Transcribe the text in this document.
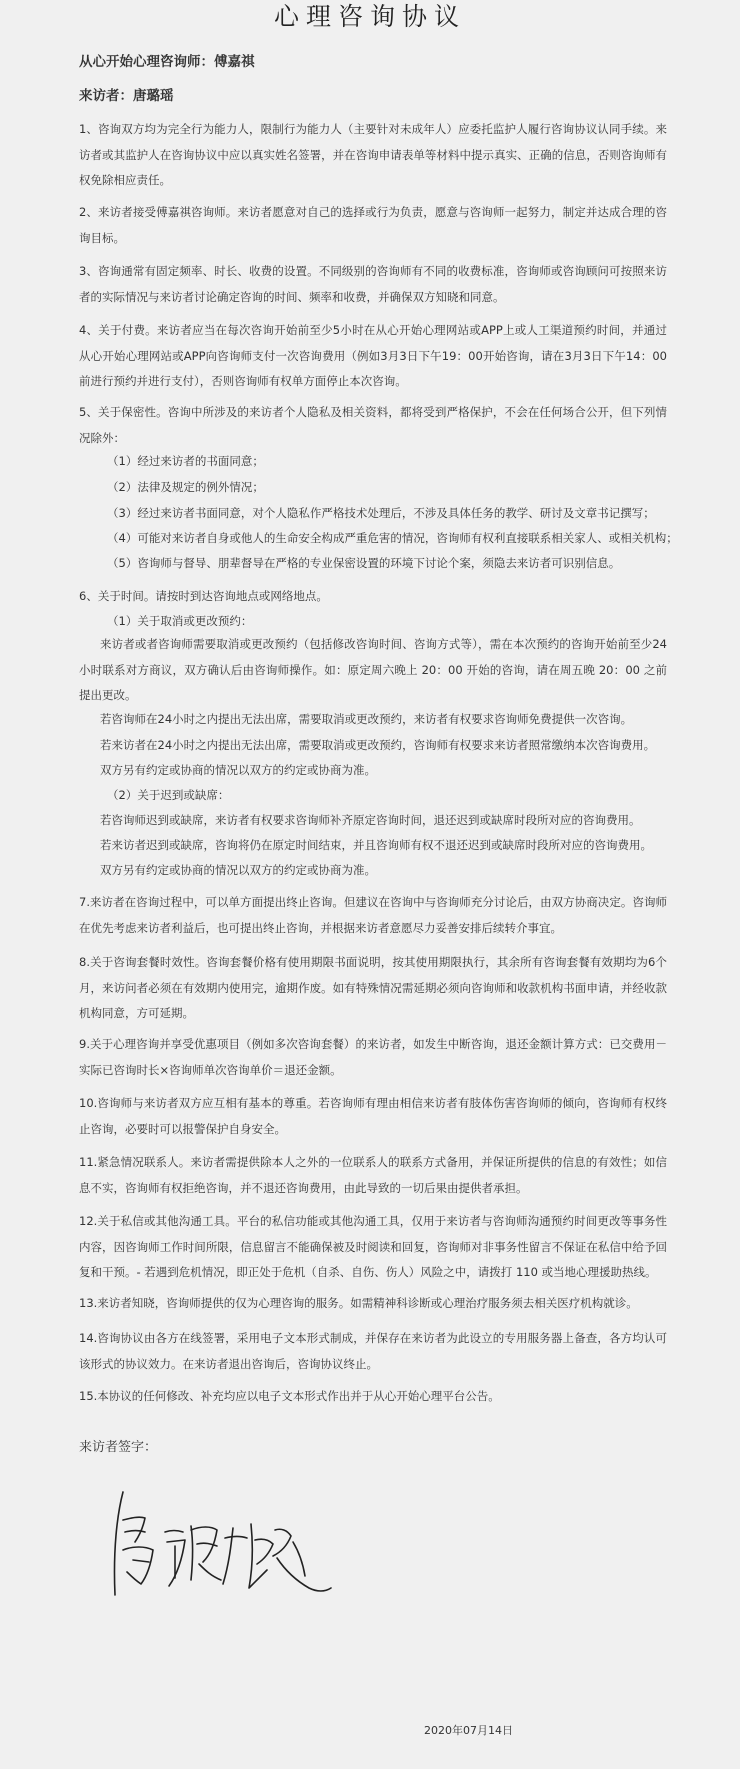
心理咨询协议
从心开始心理咨询师：傅嘉祺
来访者：唐璐瑶
1、咨询双方均为完全行为能力人，限制行为能力人（主要针对未成年人）应委托监护人履行咨询协议认同手续。来访者或其监护人在咨询协议中应以真实姓名签署，并在咨询申请表单等材料中提示真实、正确的信息，否则咨询师有权免除相应责任。
2、来访者接受傅嘉祺咨询师。来访者愿意对自己的选择或行为负责，愿意与咨询师一起努力，制定并达成合理的咨询目标。
3、咨询通常有固定频率、时长、收费的设置。不同级别的咨询师有不同的收费标准，咨询师或咨询顾问可按照来访者的实际情况与来访者讨论确定咨询的时间、频率和收费，并确保双方知晓和同意。
4、关于付费。来访者应当在每次咨询开始前至少5小时在从心开始心理网站或APP上或人工渠道预约时间，并通过从心开始心理网站或APP向咨询师支付一次咨询费用（例如3月3日下午19：00开始咨询，请在3月3日下午14：00前进行预约并进行支付），否则咨询师有权单方面停止本次咨询。
5、关于保密性。咨询中所涉及的来访者个人隐私及相关资料，都将受到严格保护，不会在任何场合公开，但下列情况除外：
（1）经过来访者的书面同意；
（2）法律及规定的例外情况；
（3）经过来访者书面同意，对个人隐私作严格技术处理后，不涉及具体任务的教学、研讨及文章书记撰写；
（4）可能对来访者自身或他人的生命安全构成严重危害的情况，咨询师有权利直接联系相关家人、或相关机构；
（5）咨询师与督导、朋辈督导在严格的专业保密设置的环境下讨论个案，须隐去来访者可识别信息。
6、关于时间。请按时到达咨询地点或网络地点。
（1）关于取消或更改预约：
来访者或者咨询师需要取消或更改预约（包括修改咨询时间、咨询方式等），需在本次预约的咨询开始前至少24小时联系对方商议，双方确认后由咨询师操作。如：原定周六晚上 20：00 开始的咨询，请在周五晚 20：00 之前提出更改。
若咨询师在24小时之内提出无法出席，需要取消或更改预约，来访者有权要求咨询师免费提供一次咨询。
若来访者在24小时之内提出无法出席，需要取消或更改预约，咨询师有权要求来访者照常缴纳本次咨询费用。
双方另有约定或协商的情况以双方的约定或协商为准。
（2）关于迟到或缺席：
若咨询师迟到或缺席，来访者有权要求咨询师补齐原定咨询时间，退还迟到或缺席时段所对应的咨询费用。
若来访者迟到或缺席，咨询将仍在原定时间结束，并且咨询师有权不退还迟到或缺席时段所对应的咨询费用。
双方另有约定或协商的情况以双方的约定或协商为准。
7.来访者在咨询过程中，可以单方面提出终止咨询。但建议在咨询中与咨询师充分讨论后，由双方协商决定。咨询师在优先考虑来访者利益后，也可提出终止咨询，并根据来访者意愿尽力妥善安排后续转介事宜。
8.关于咨询套餐时效性。咨询套餐价格有使用期限书面说明，按其使用期限执行，其余所有咨询套餐有效期均为6个月，来访问者必须在有效期内使用完，逾期作废。如有特殊情况需延期必须向咨询师和收款机构书面申请，并经收款机构同意，方可延期。
9.关于心理咨询并享受优惠项目（例如多次咨询套餐）的来访者，如发生中断咨询，退还金额计算方式：已交费用－实际已咨询时长×咨询师单次咨询单价＝退还金额。
10.咨询师与来访者双方应互相有基本的尊重。若咨询师有理由相信来访者有肢体伤害咨询师的倾向，咨询师有权终止咨询，必要时可以报警保护自身安全。
11.紧急情况联系人。来访者需提供除本人之外的一位联系人的联系方式备用，并保证所提供的信息的有效性；如信息不实，咨询师有权拒绝咨询，并不退还咨询费用，由此导致的一切后果由提供者承担。
12.关于私信或其他沟通工具。平台的私信功能或其他沟通工具，仅用于来访者与咨询师沟通预约时间更改等事务性内容，因咨询师工作时间所限，信息留言不能确保被及时阅读和回复，咨询师对非事务性留言不保证在私信中给予回复和干预。- 若遇到危机情况，即正处于危机（自杀、自伤、伤人）风险之中，请拨打 110 或当地心理援助热线。
13.来访者知晓，咨询师提供的仅为心理咨询的服务。如需精神科诊断或心理治疗服务须去相关医疗机构就诊。
14.咨询协议由各方在线签署，采用电子文本形式制成，并保存在来访者为此设立的专用服务器上备查，各方均认可该形式的协议效力。在来访者退出咨询后，咨询协议终止。
15.本协议的任何修改、补充均应以电子文本形式作出并于从心开始心理平台公告。
来访者签字：
2020年07月14日
